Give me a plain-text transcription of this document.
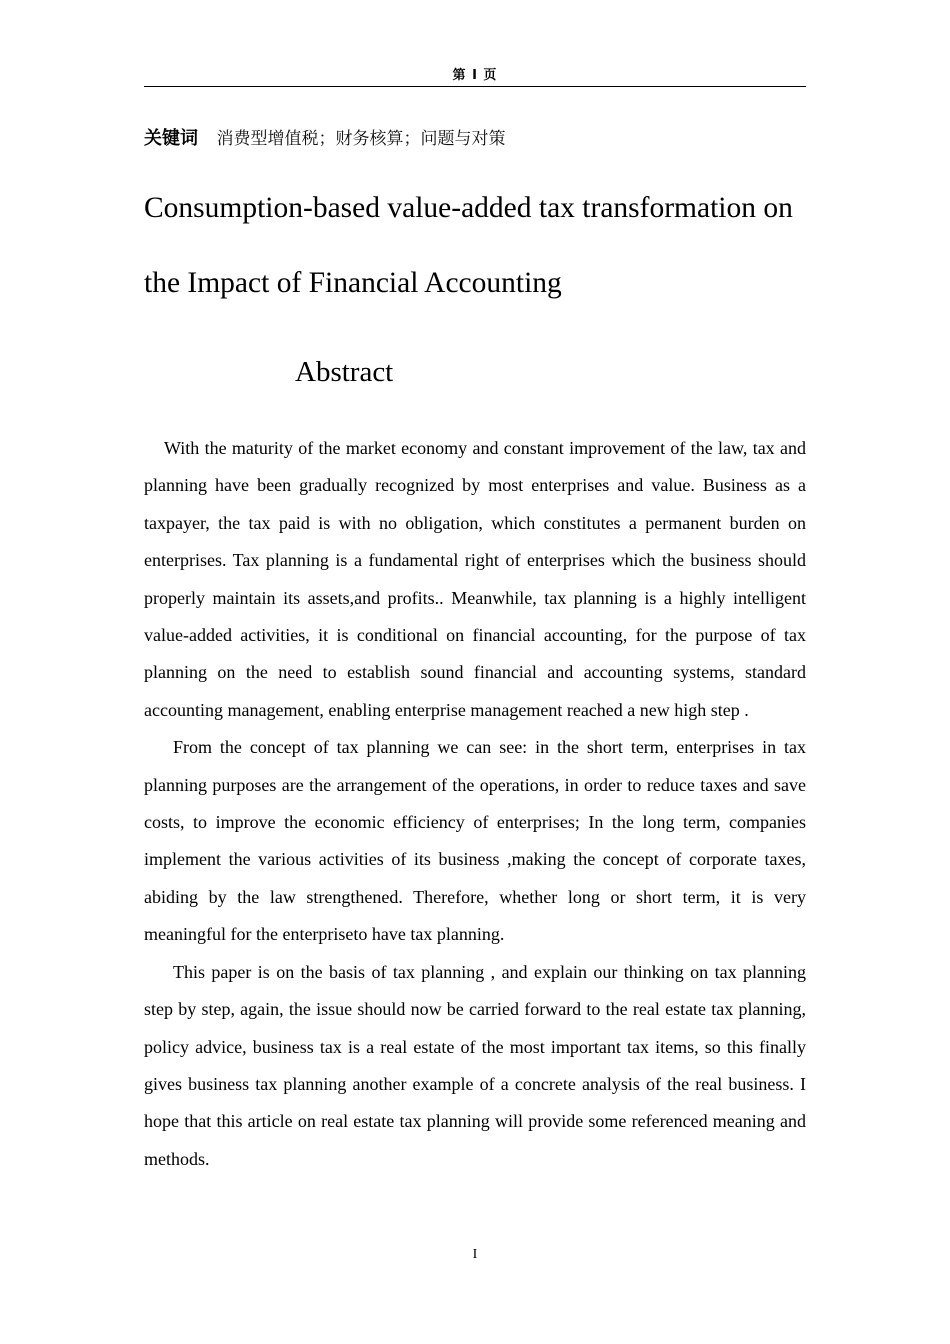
第 I 页
关键词 消费型增值税；财务核算；问题与对策
Consumption-based value-added tax transformation on
the Impact of Financial Accounting
Abstract

With the maturity of the market economy and constant improvement of the law, tax and planning have been gradually recognized by most enterprises and value. Business as a taxpayer, the tax paid is with no obligation, which constitutes a permanent burden on enterprises. Tax planning is a fundamental right of enterprises which the business should properly maintain its assets,and profits.. Meanwhile, tax planning is a highly intelligent value-added activities, it is conditional on financial accounting, for the purpose of tax planning on the need to establish sound financial and accounting systems, standard accounting management, enabling enterprise management reached a new high step .

From the concept of tax planning we can see: in the short term, enterprises in tax planning purposes are the arrangement of the operations, in order to reduce taxes and save costs, to improve the economic efficiency of enterprises; In the long term, companies implement the various activities of its business ,making the concept of corporate taxes, abiding by the law strengthened. Therefore, whether long or short term, it is very meaningful for the enterpriseto have tax planning.

This paper is on the basis of tax planning , and explain our thinking on tax planning step by step, again, the issue should now be carried forward to the real estate tax planning, policy advice, business tax is a real estate of the most important tax items, so this finally gives business tax planning another example of a concrete analysis of the real business. I hope that this article on real estate tax planning will provide some referenced meaning and methods.

I
